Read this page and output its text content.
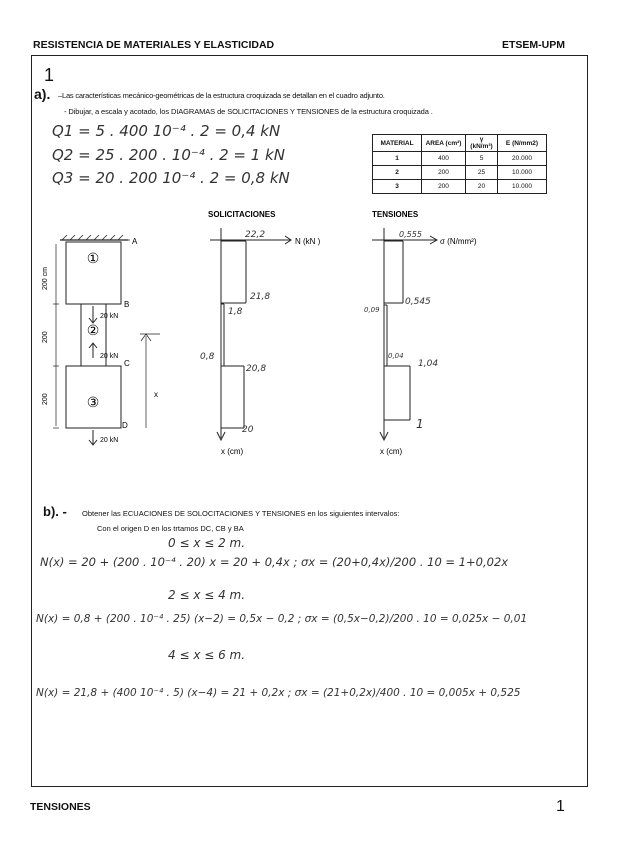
RESISTENCIA DE MATERIALES Y ELASTICIDAD	ETSEM-UPM
1
a). –Las características mecánico-geométricas de la estructura croquizada se detallan en el cuadro adjunto.
- Dibujar, a escala y acotado, los DIAGRAMAS de SOLICITACIONES Y TENSIONES de la estructura croquizada .
Q1 = 5 . 400 10⁻⁴ . 2 = 0,4 kN
Q2 = 25 . 200 . 10⁻⁴ . 2 = 1 kN
Q3 = 20 . 200 10⁻⁴ . 2 = 0,8 kN
MATERIAL	AREA (cm²)	γ (kN/m³)	E (N/mm2)
1	400	5	20.000
2	200	25	10.000
3	200	20	10.000
SOLICITACIONES	TENSIONES
A
B
C
D
①
②
③
200 cm
200
200
20 kN
20 kN
20 kN
x
N (kN )
22,2
21,8
1,8
0,8
20,8
20
x (cm)
σ (N/mm²)
0,555
0,09
0,545
0,04
1,04
1
x (cm)
b). - Obtener las ECUACIONES DE SOLOCITACIONES Y TENSIONES en los siguientes intervalos:
Con el origen D en los trtamos DC, CB y BA
0 ≤ x ≤ 2 m.
N(x) = 20 + (200 . 10⁻⁴ . 20) x = 20 + 0,4x ; σx = (20+0,4x)/200 . 10 = 1+0,02x
2 ≤ x ≤ 4 m.
N(x) = 0,8 + (200 . 10⁻⁴ . 25) (x−2) = 0,5x − 0,2 ; σx = (0,5x−0,2)/200 . 10 = 0,025x − 0,01
4 ≤ x ≤ 6 m.
N(x) = 21,8 + (400 10⁻⁴ . 5) (x−4) = 21 + 0,2x ; σx = (21+0,2x)/400 . 10 = 0,005x + 0,525
TENSIONES	1
